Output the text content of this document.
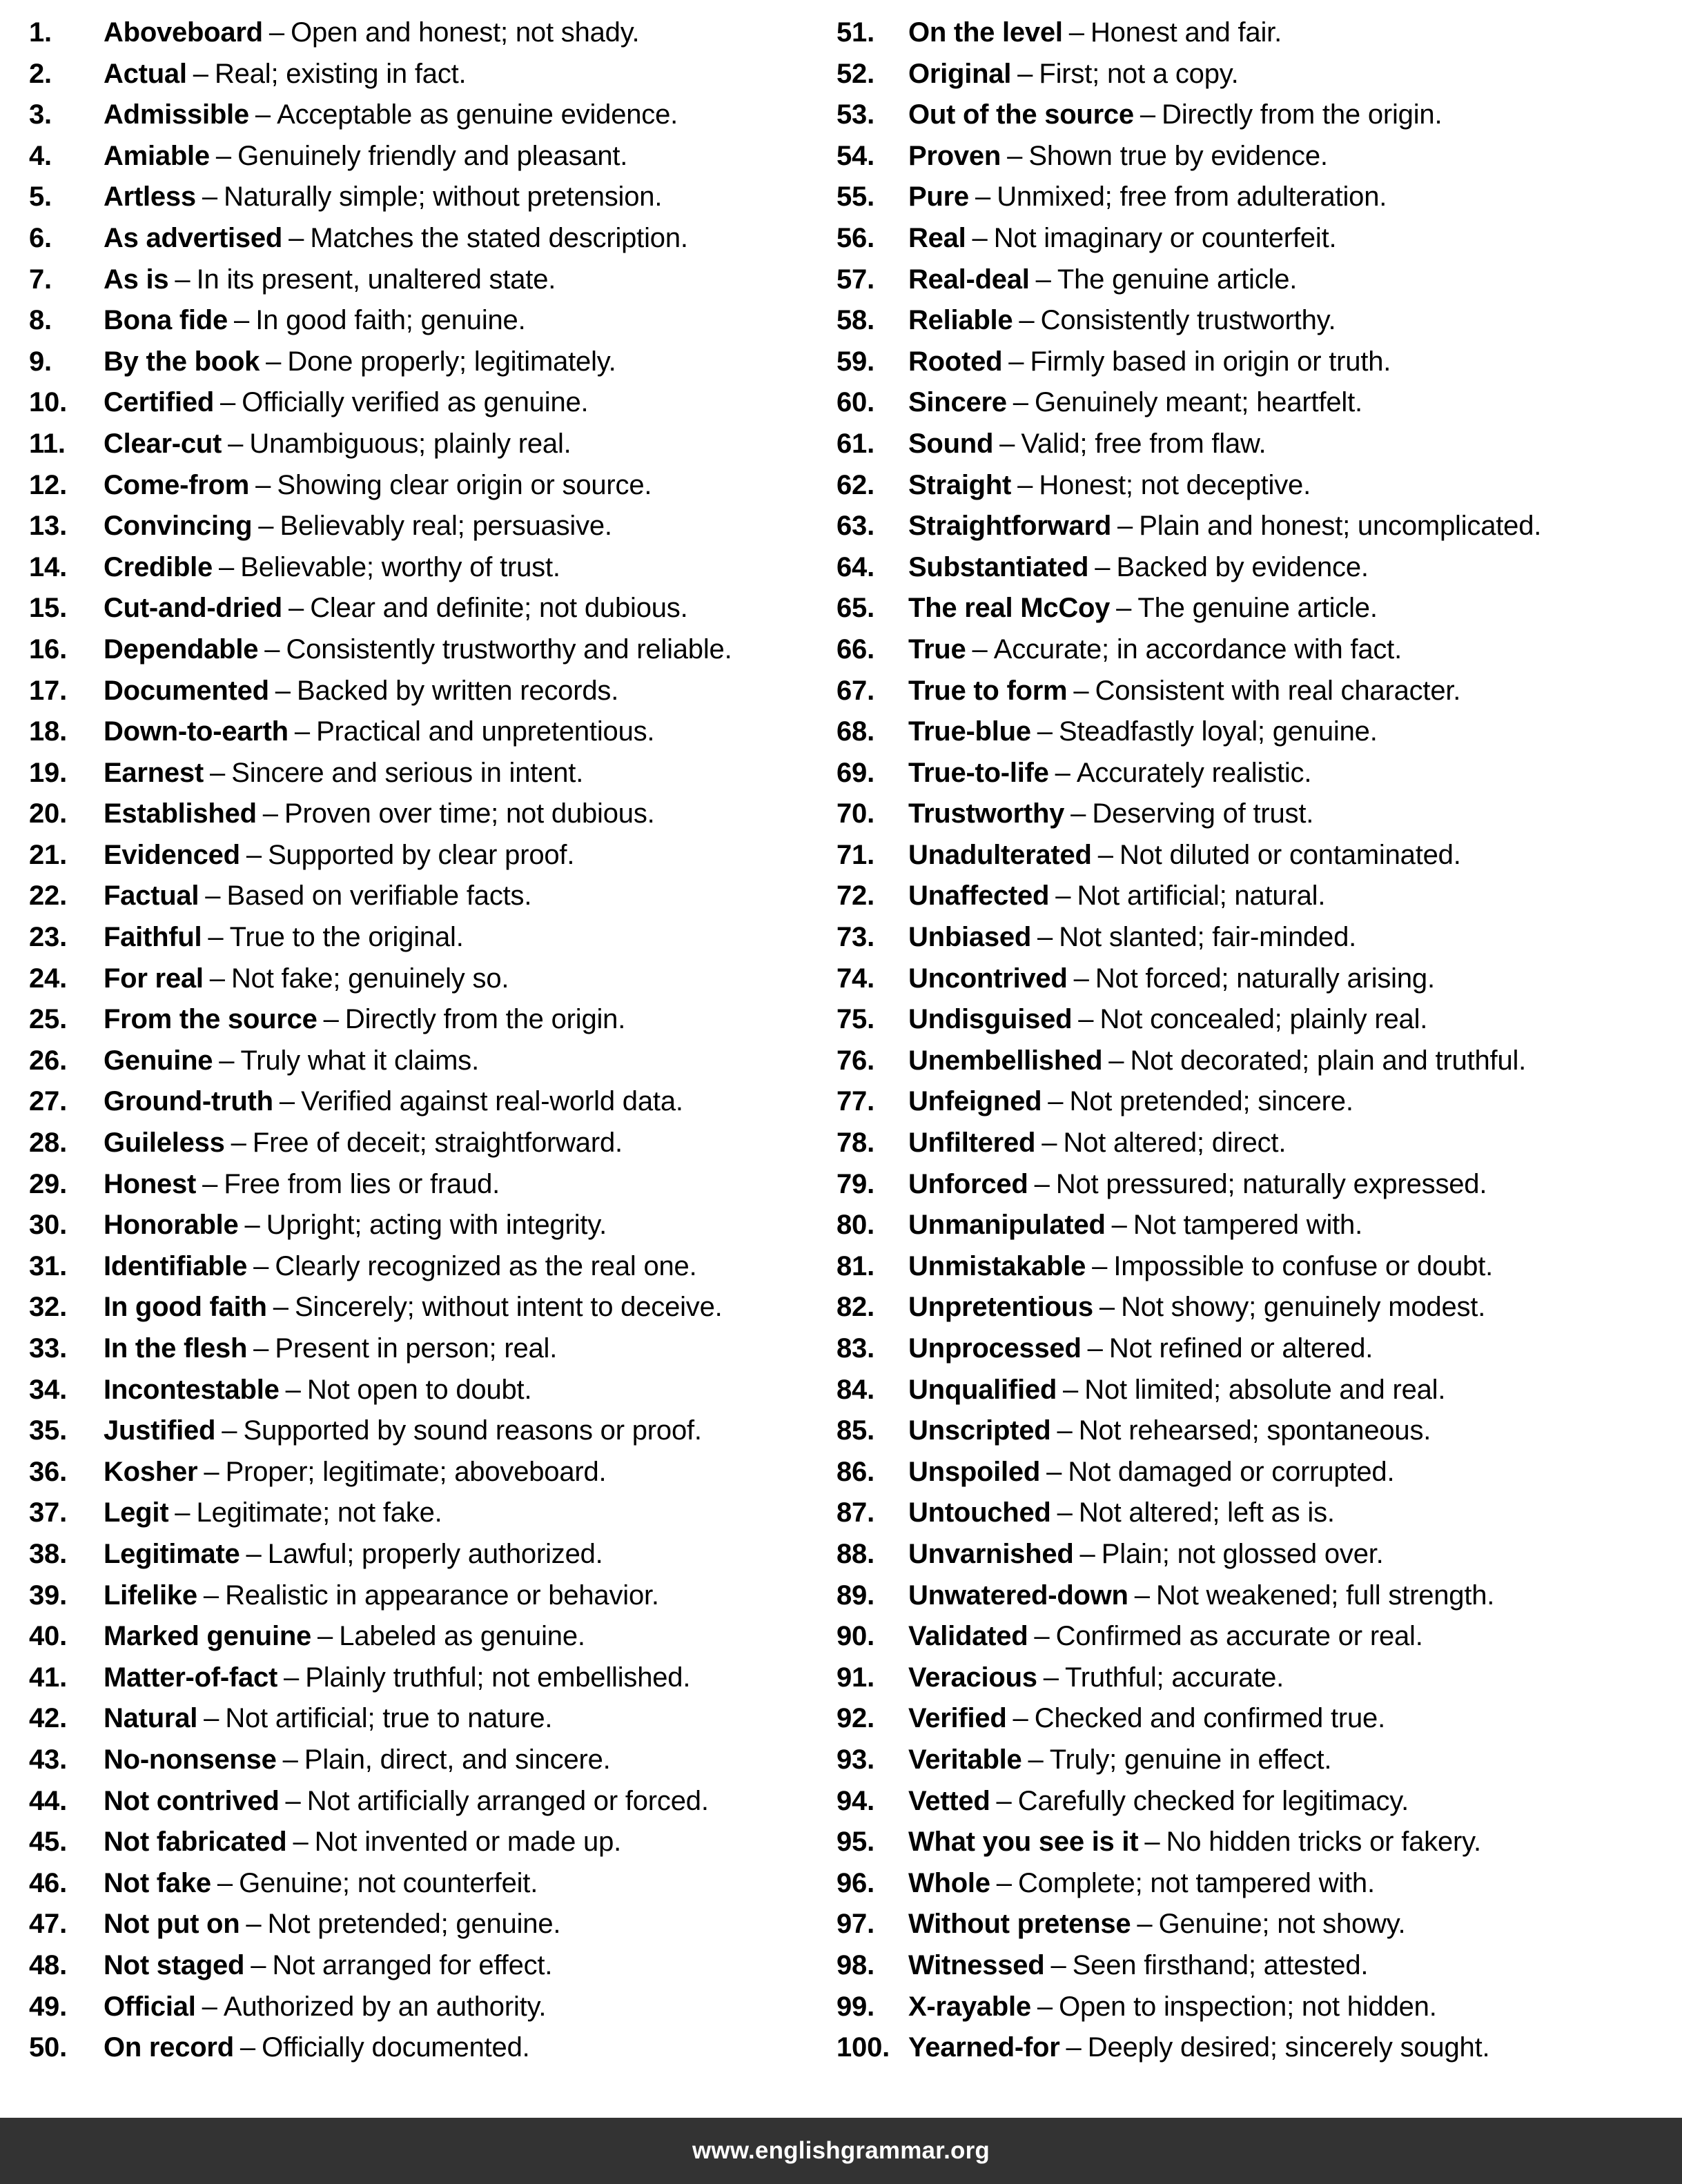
1.	Aboveboard – Open and honest; not shady.
2.	Actual – Real; existing in fact.
3.	Admissible – Acceptable as genuine evidence.
4.	Amiable – Genuinely friendly and pleasant.
5.	Artless – Naturally simple; without pretension.
6.	As advertised – Matches the stated description.
7.	As is – In its present, unaltered state.
8.	Bona fide – In good faith; genuine.
9.	By the book – Done properly; legitimately.
10.	Certified – Officially verified as genuine.
11.	Clear-cut – Unambiguous; plainly real.
12.	Come-from – Showing clear origin or source.
13.	Convincing – Believably real; persuasive.
14.	Credible – Believable; worthy of trust.
15.	Cut-and-dried – Clear and definite; not dubious.
16.	Dependable – Consistently trustworthy and reliable.
17.	Documented – Backed by written records.
18.	Down-to-earth – Practical and unpretentious.
19.	Earnest – Sincere and serious in intent.
20.	Established – Proven over time; not dubious.
21.	Evidenced – Supported by clear proof.
22.	Factual – Based on verifiable facts.
23.	Faithful – True to the original.
24.	For real – Not fake; genuinely so.
25.	From the source – Directly from the origin.
26.	Genuine – Truly what it claims.
27.	Ground-truth – Verified against real-world data.
28.	Guileless – Free of deceit; straightforward.
29.	Honest – Free from lies or fraud.
30.	Honorable – Upright; acting with integrity.
31.	Identifiable – Clearly recognized as the real one.
32.	In good faith – Sincerely; without intent to deceive.
33.	In the flesh – Present in person; real.
34.	Incontestable – Not open to doubt.
35.	Justified – Supported by sound reasons or proof.
36.	Kosher – Proper; legitimate; aboveboard.
37.	Legit – Legitimate; not fake.
38.	Legitimate – Lawful; properly authorized.
39.	Lifelike – Realistic in appearance or behavior.
40.	Marked genuine – Labeled as genuine.
41.	Matter-of-fact – Plainly truthful; not embellished.
42.	Natural – Not artificial; true to nature.
43.	No-nonsense – Plain, direct, and sincere.
44.	Not contrived – Not artificially arranged or forced.
45.	Not fabricated – Not invented or made up.
46.	Not fake – Genuine; not counterfeit.
47.	Not put on – Not pretended; genuine.
48.	Not staged – Not arranged for effect.
49.	Official – Authorized by an authority.
50.	On record – Officially documented.
51.	On the level – Honest and fair.
52.	Original – First; not a copy.
53.	Out of the source – Directly from the origin.
54.	Proven – Shown true by evidence.
55.	Pure – Unmixed; free from adulteration.
56.	Real – Not imaginary or counterfeit.
57.	Real-deal – The genuine article.
58.	Reliable – Consistently trustworthy.
59.	Rooted – Firmly based in origin or truth.
60.	Sincere – Genuinely meant; heartfelt.
61.	Sound – Valid; free from flaw.
62.	Straight – Honest; not deceptive.
63.	Straightforward – Plain and honest; uncomplicated.
64.	Substantiated – Backed by evidence.
65.	The real McCoy – The genuine article.
66.	True – Accurate; in accordance with fact.
67.	True to form – Consistent with real character.
68.	True-blue – Steadfastly loyal; genuine.
69.	True-to-life – Accurately realistic.
70.	Trustworthy – Deserving of trust.
71.	Unadulterated – Not diluted or contaminated.
72.	Unaffected – Not artificial; natural.
73.	Unbiased – Not slanted; fair-minded.
74.	Uncontrived – Not forced; naturally arising.
75.	Undisguised – Not concealed; plainly real.
76.	Unembellished – Not decorated; plain and truthful.
77.	Unfeigned – Not pretended; sincere.
78.	Unfiltered – Not altered; direct.
79.	Unforced – Not pressured; naturally expressed.
80.	Unmanipulated – Not tampered with.
81.	Unmistakable – Impossible to confuse or doubt.
82.	Unpretentious – Not showy; genuinely modest.
83.	Unprocessed – Not refined or altered.
84.	Unqualified – Not limited; absolute and real.
85.	Unscripted – Not rehearsed; spontaneous.
86.	Unspoiled – Not damaged or corrupted.
87.	Untouched – Not altered; left as is.
88.	Unvarnished – Plain; not glossed over.
89.	Unwatered-down – Not weakened; full strength.
90.	Validated – Confirmed as accurate or real.
91.	Veracious – Truthful; accurate.
92.	Verified – Checked and confirmed true.
93.	Veritable – Truly; genuine in effect.
94.	Vetted – Carefully checked for legitimacy.
95.	What you see is it – No hidden tricks or fakery.
96.	Whole – Complete; not tampered with.
97.	Without pretense – Genuine; not showy.
98.	Witnessed – Seen firsthand; attested.
99.	X-rayable – Open to inspection; not hidden.
100. Yearned-for – Deeply desired; sincerely sought.
www.englishgrammar.org
